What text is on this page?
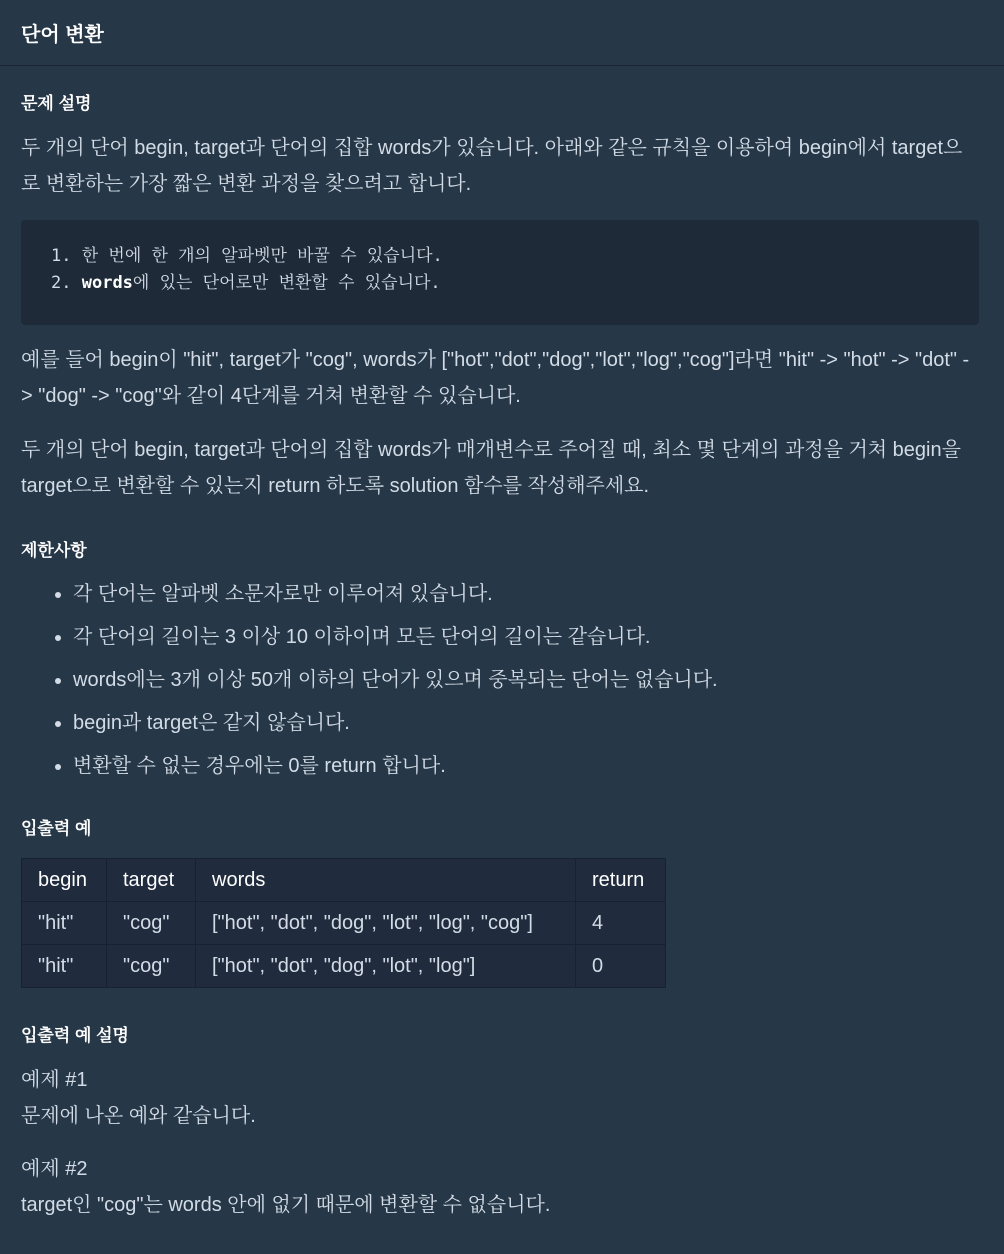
단어 변환
문제 설명

두 개의 단어 begin, target과 단어의 집합 words가 있습니다. 아래와 같은 규칙을 이용하여 begin에서 target으로 변환하는 가장 짧은 변환 과정을 찾으려고 합니다.

1. 한 번에 한 개의 알파벳만 바꿀 수 있습니다.
2. words에 있는 단어로만 변환할 수 있습니다.

예를 들어 begin이 "hit", target가 "cog", words가 ["hot","dot","dog","lot","log","cog"]라면 "hit" -> "hot" -> "dot" -> "dog" -> "cog"와 같이 4단계를 거쳐 변환할 수 있습니다.

두 개의 단어 begin, target과 단어의 집합 words가 매개변수로 주어질 때, 최소 몇 단계의 과정을 거쳐 begin을 target으로 변환할 수 있는지 return 하도록 solution 함수를 작성해주세요.

제한사항
• 각 단어는 알파벳 소문자로만 이루어져 있습니다.
• 각 단어의 길이는 3 이상 10 이하이며 모든 단어의 길이는 같습니다.
• words에는 3개 이상 50개 이하의 단어가 있으며 중복되는 단어는 없습니다.
• begin과 target은 같지 않습니다.
• 변환할 수 없는 경우에는 0를 return 합니다.
입출력 예
begin	target	words	return
"hit"	"cog"	["hot", "dot", "dog", "lot", "log", "cog"]	4
"hit"	"cog"	["hot", "dot", "dog", "lot", "log"]	0
입출력 예 설명
예제 #1
문제에 나온 예와 같습니다.
예제 #2
target인 "cog"는 words 안에 없기 때문에 변환할 수 없습니다.
